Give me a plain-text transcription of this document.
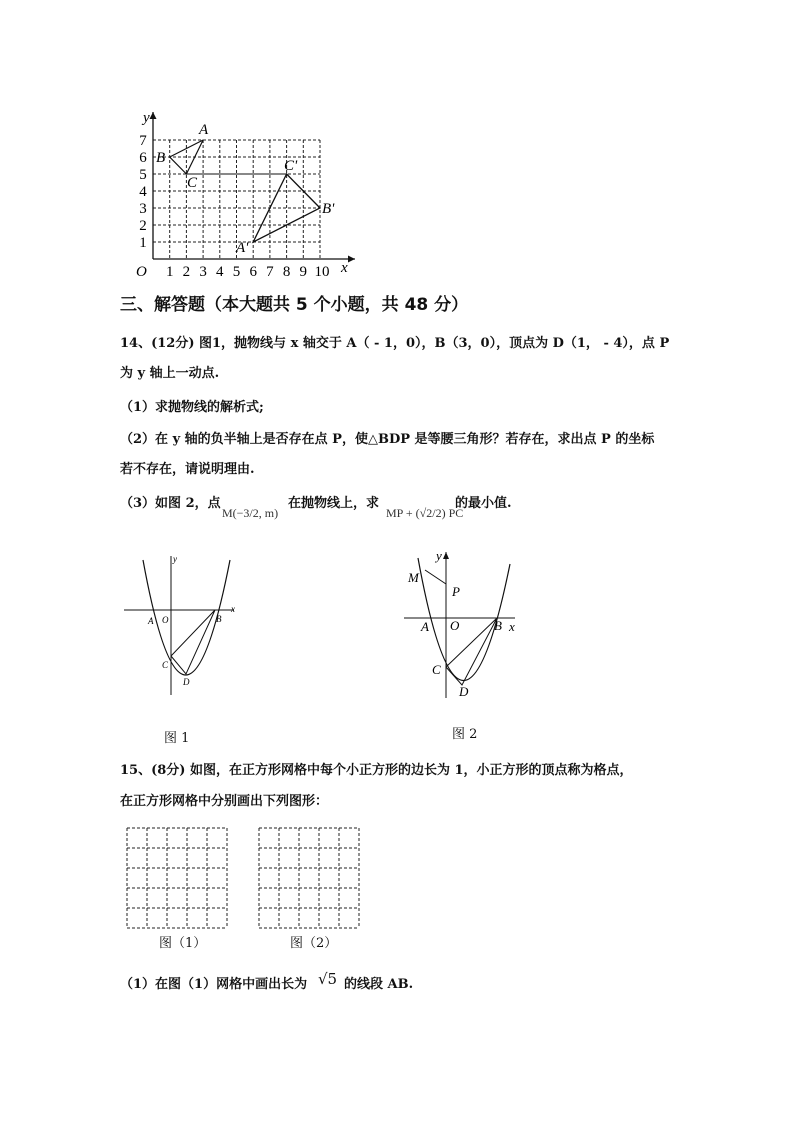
y
x
O 1 2 3 4 5 6 7 8 9 10
1
2
3
4
5
6
7
A
B
C
A'
B'
C'
三、解答题（本大题共 5 个小题，共 48 分）
14、(12分) 图1，抛物线与 x 轴交于 A（ - 1，0），B（3，0），顶点为 D（1， - 4），点 P
为 y 轴上一动点.
（1）求抛物线的解析式;
（2）在 y 轴的负半轴上是否存在点 P，使△BDP 是等腰三角形？若存在，求出点 P 的坐标
若不存在，请说明理由.
（3）如图 2，点
M(−3/2, m)
在抛物线上，求
MP + (√2/2) PC
的最小值.
x
y
A O	B
C
D
图 1
x
y
A O	B
C
D
M
P
图 2
15、(8分) 如图，在正方形网格中每个小正方形的边长为 1，小正方形的顶点称为格点，
在正方形网格中分别画出下列图形：
图（1）	图（2）
（1）在图（1）网格中画出长为 √5 的线段 AB.
